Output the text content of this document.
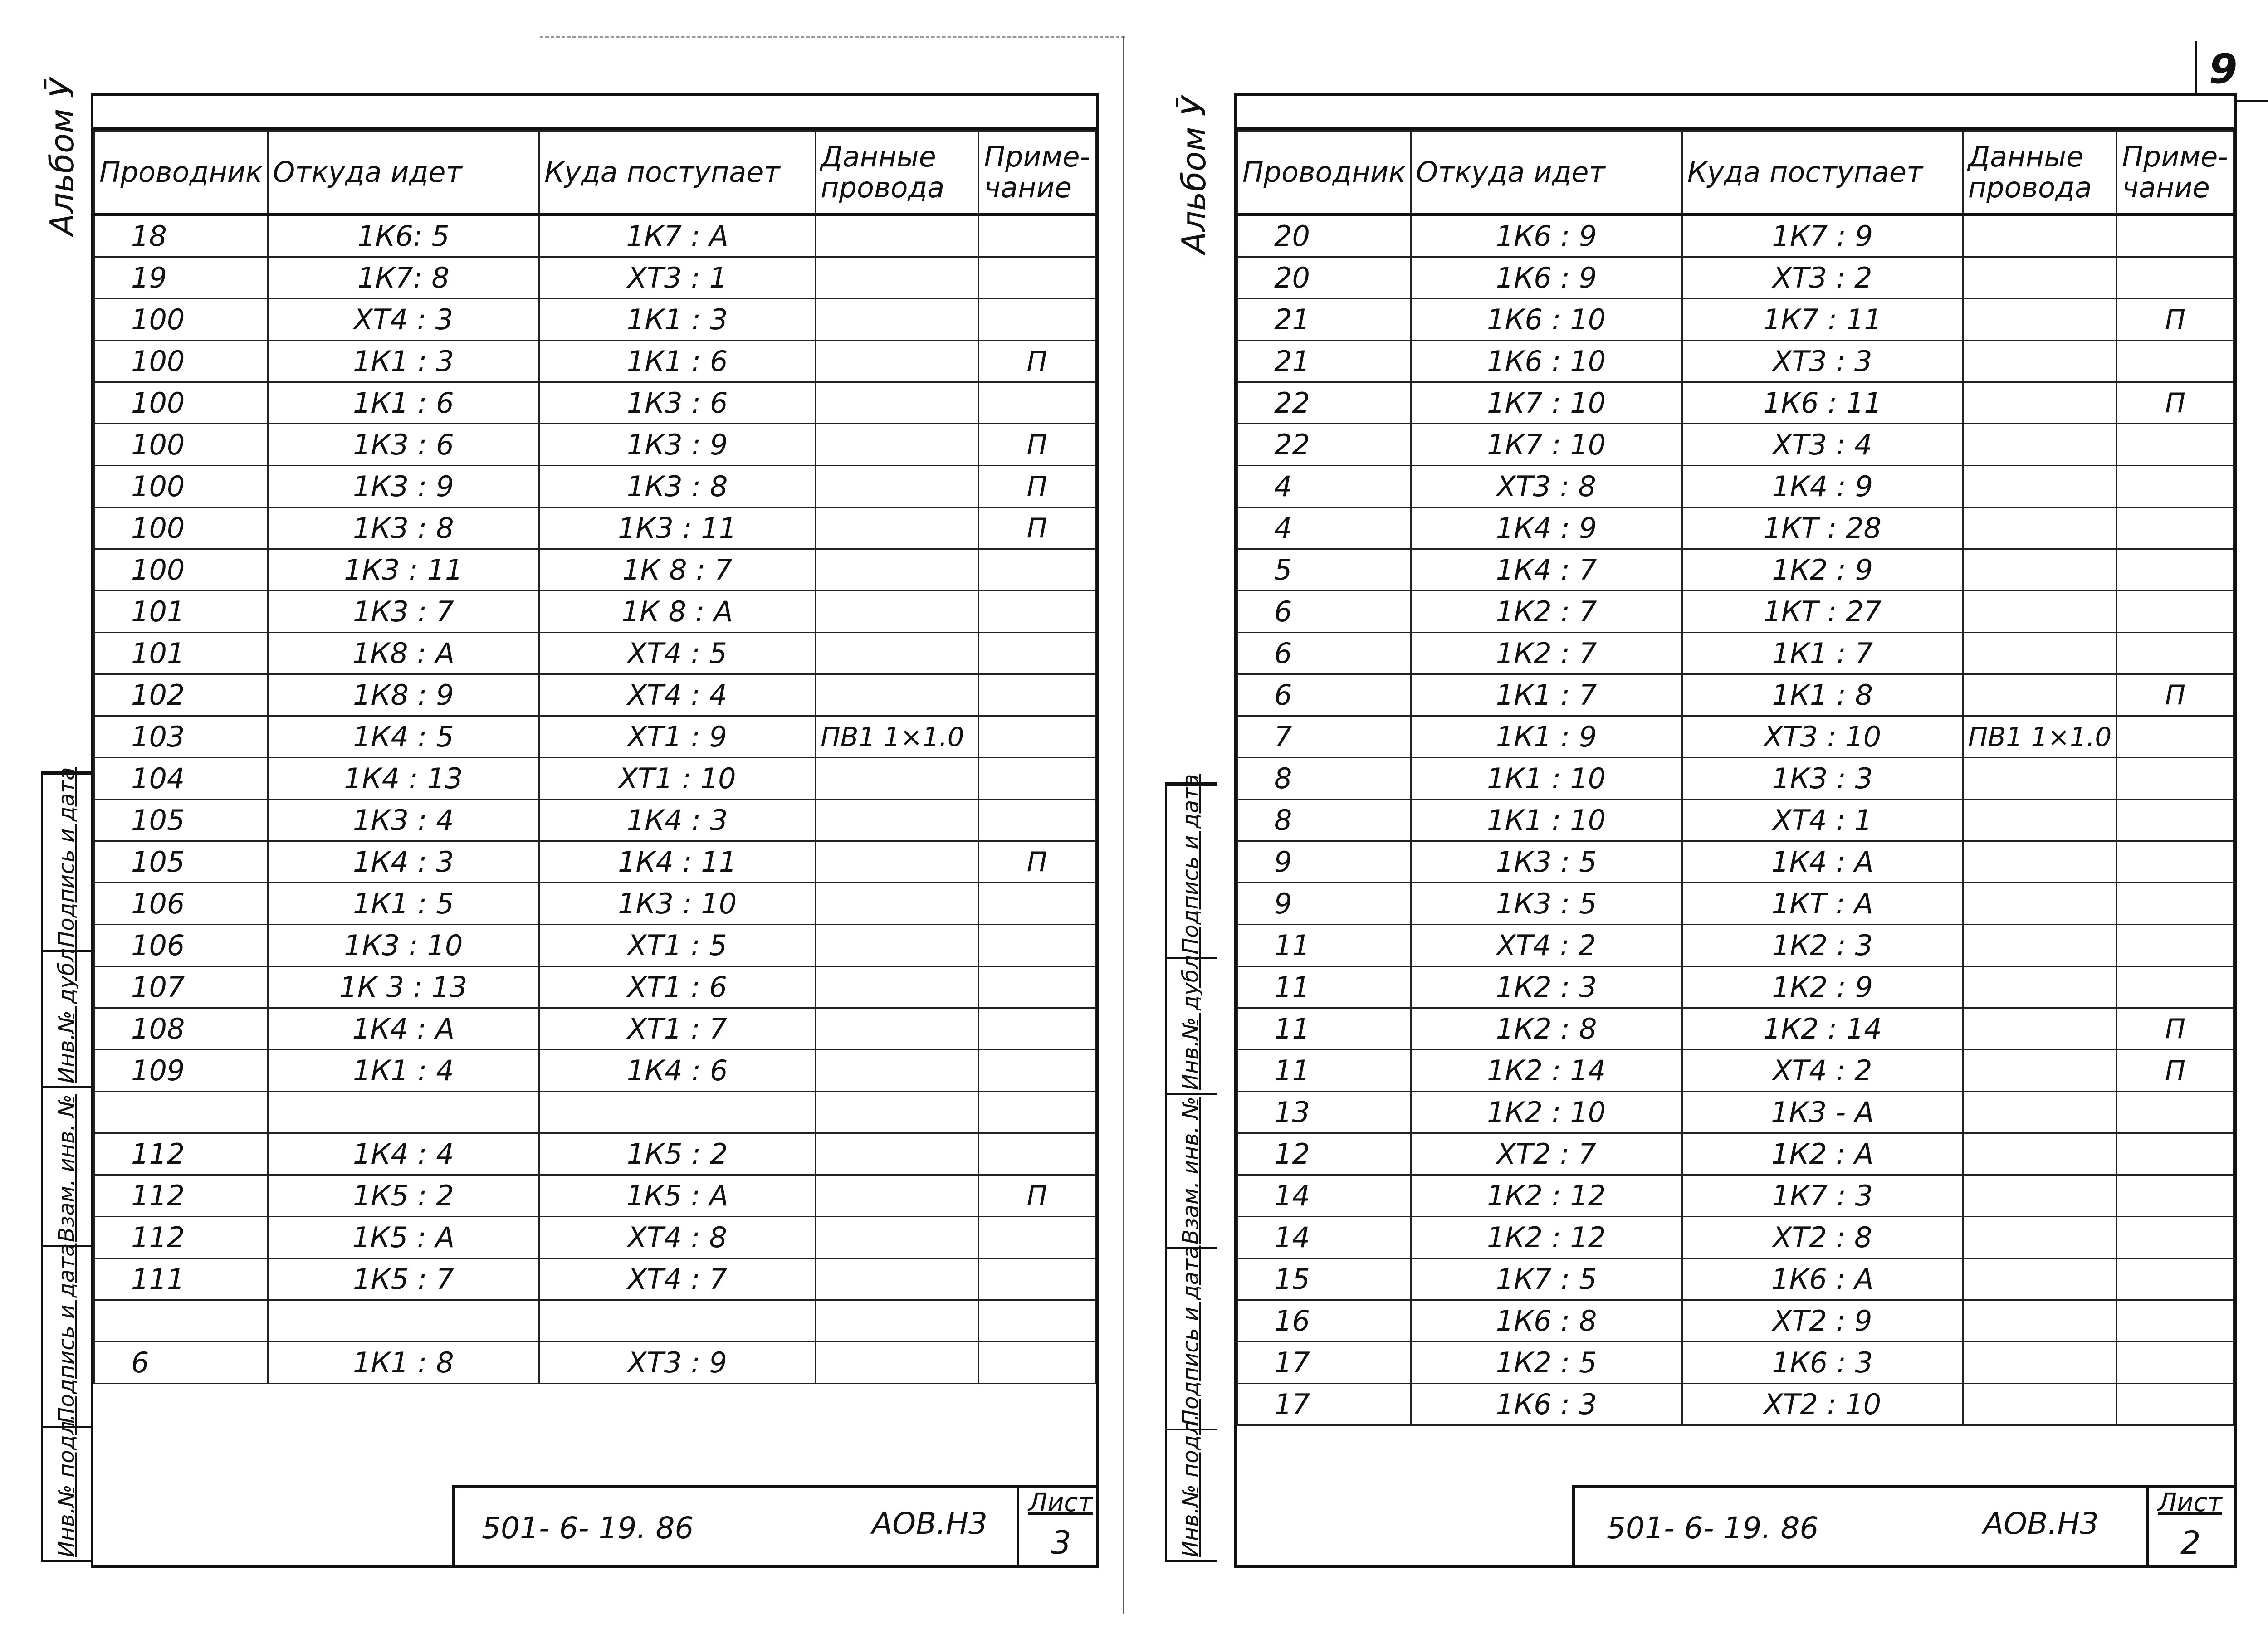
9
Альбом Ӯ	Альбом Ӯ
Проводник	Откуда идет	Куда поступает	Данные провода	Приме-чание
18	1К6: 5	1К7 : А		
19	1К7: 8	ХТ3 : 1		
100	ХТ4 : 3	1К1 : 3		
100	1К1 : 3	1К1 : 6		П
100	1К1 : 6	1К3 : 6		
100	1К3 : 6	1К3 : 9		П
100	1К3 : 9	1К3 : 8		П
100	1К3 : 8	1К3 : 11		П
100	1К3 : 11	1К 8 : 7		
101	1К3 : 7	1К 8 : А		
101	1К8 : А	ХТ4 : 5		
102	1К8 : 9	ХТ4 : 4		
103	1К4 : 5	ХТ1 : 9	ПВ1 1×1.0	
104	1К4 : 13	ХТ1 : 10		
105	1К3 : 4	1К4 : 3		
105	1К4 : 3	1К4 : 11		П
106	1К1 : 5	1К3 : 10		
106	1К3 : 10	ХТ1 : 5		
107	1К 3 : 13	ХТ1 : 6		
108	1К4 : А	ХТ1 : 7		
109	1К1 : 4	1К4 : 6		

112	1К4 : 4	1К5 : 2		
112	1К5 : 2	1К5 : А		П
112	1К5 : А	ХТ4 : 8		
111	1К5 : 7	ХТ4 : 7		

6	1К1 : 8	ХТ3 : 9		
501- 6- 19. 86	АОВ.Н3
Лист
3
Инв.№ подл.
Подпись и дата
Взам. инв. №
Инв.№ дубл.
Подпись и дата
Проводник	Откуда идет	Куда поступает	Данные провода	Приме-чание
20	1К6 : 9	1К7 : 9		
20	1К6 : 9	ХТ3 : 2		
21	1К6 : 10	1К7 : 11		П
21	1К6 : 10	ХТ3 : 3		
22	1К7 : 10	1К6 : 11		П
22	1К7 : 10	ХТ3 : 4		
4	ХТ3 : 8	1К4 : 9		
4	1К4 : 9	1КТ : 28		
5	1К4 : 7	1К2 : 9		
6	1К2 : 7	1КТ : 27		
6	1К2 : 7	1К1 : 7		
6	1К1 : 7	1К1 : 8		П
7	1К1 : 9	ХТ3 : 10	ПВ1 1×1.0	
8	1К1 : 10	1К3 : 3		
8	1К1 : 10	ХТ4 : 1		
9	1К3 : 5	1К4 : А		
9	1К3 : 5	1КТ : А		
11	ХТ4 : 2	1К2 : 3		
11	1К2 : 3	1К2 : 9		
11	1К2 : 8	1К2 : 14		П
11	1К2 : 14	ХТ4 : 2		П
13	1К2 : 10	1К3 - А		
12	ХТ2 : 7	1К2 : А		
14	1К2 : 12	1К7 : 3		
14	1К2 : 12	ХТ2 : 8		
15	1К7 : 5	1К6 : А		
16	1К6 : 8	ХТ2 : 9		
17	1К2 : 5	1К6 : 3		
17	1К6 : 3	ХТ2 : 10		
501- 6- 19. 86	АОВ.Н3
Лист
2
Инв.№ подл.
Подпись и дата
Взам. инв. №
Инв.№ дубл.
Подпись и дата
